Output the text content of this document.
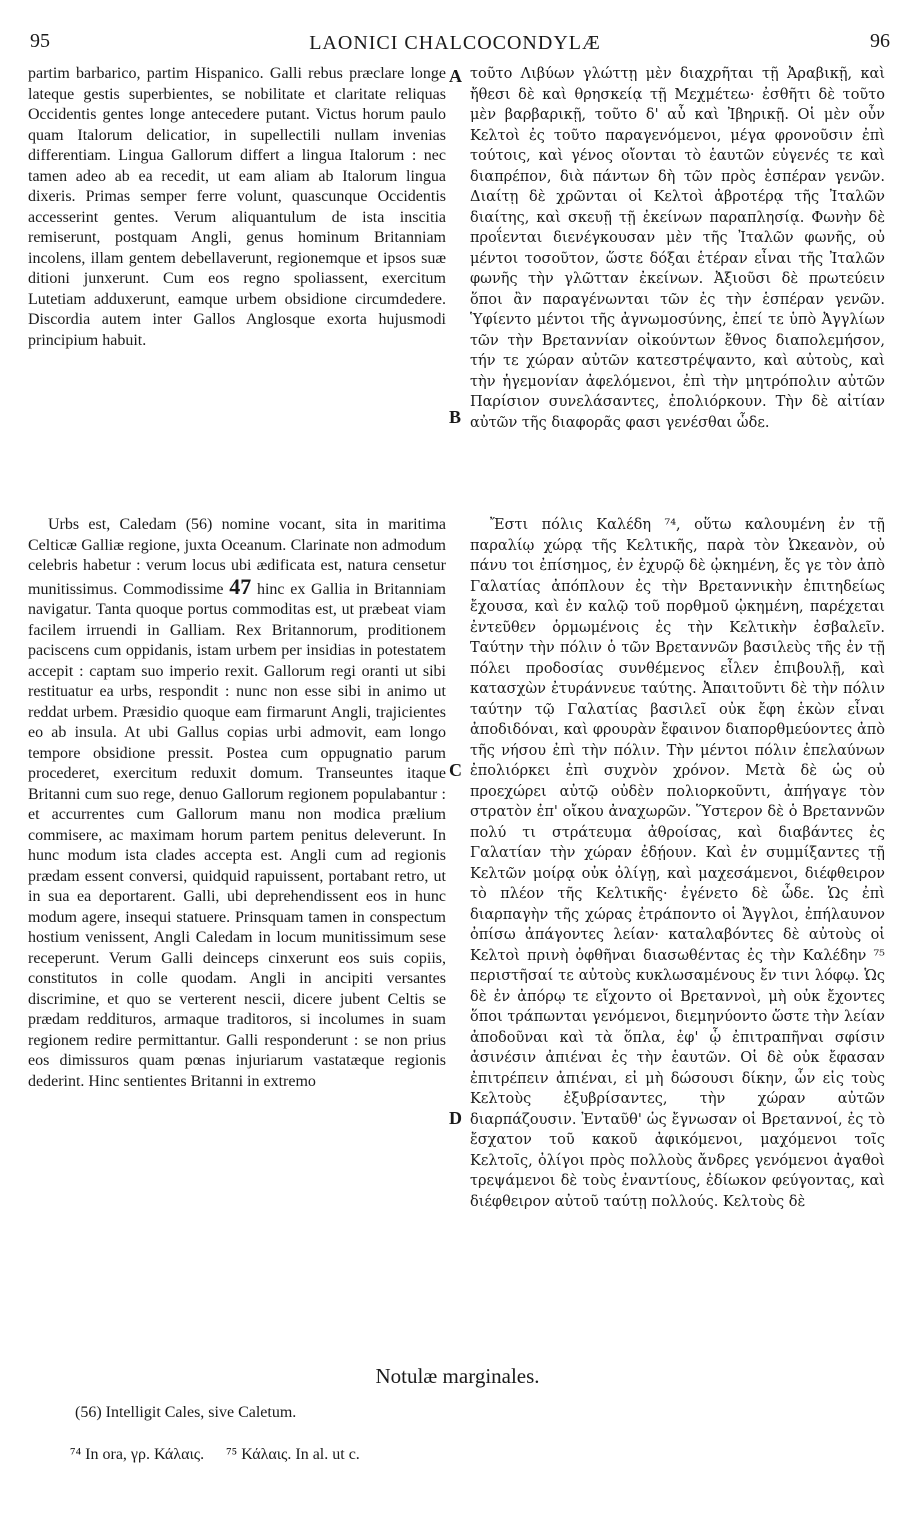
95	LAONICI CHALCOCONDYLÆ	96

partim barbarico, partim Hispanico. Galli rebus præclare longe lateque gestis superbientes, se nobilitate et claritate reliquas Occidentis gentes longe antecedere putant. Victus horum paulo quam Italorum delicatior, in supellectili nullam invenias differentiam. Lingua Gallorum differt a lingua Italorum : nec tamen adeo ab ea recedit, ut eam aliam ab Italorum lingua dixeris. Primas semper ferre volunt, quascunque Occidentis accesserint gentes. Verum aliquantulum de ista inscitia remiserunt, postquam Angli, genus hominum Britanniam incolens, illam gentem debellaverunt, regionemque et ipsos suæ ditioni junxerunt. Cum eos regno spoliassent, exercitum Lutetiam adduxerunt, eamque urbem obsidione circumdedere. Discordia autem inter Gallos Anglosque exorta hujusmodi principium habuit.

τοῦτο Λιβύων γλώττῃ μὲν διαχρῆται τῇ Ἀραβικῇ, καὶ ἤθεσι δὲ καὶ θρησκείᾳ τῇ Μεχμέτεω· ἐσθῆτι δὲ τοῦτο μὲν βαρβαρικῇ, τοῦτο δ' αὖ καὶ Ἰβηρικῇ. Οἱ μὲν οὖν Κελτοὶ ἐς τοῦτο παραγενόμενοι, μέγα φρονοῦσιν ἐπὶ τούτοις, καὶ γένος οἴονται τὸ ἑαυτῶν εὐγενές τε καὶ διαπρέπον, διὰ πάντων δὴ τῶν πρὸς ἑσπέραν γενῶν. Διαίτῃ δὲ χρῶνται οἱ Κελτοὶ ἁβροτέρᾳ τῆς Ἰταλῶν διαίτης, καὶ σκευῇ τῇ ἐκείνων παραπλησίᾳ. Φωνὴν δὲ προΐενται διενέγκουσαν μὲν τῆς Ἰταλῶν φωνῆς, οὐ μέντοι τοσοῦτον, ὥστε δόξαι ἑτέραν εἶναι τῆς Ἰταλῶν φωνῆς τὴν γλῶτταν ἐκείνων. Ἀξιοῦσι δὲ πρωτεύειν ὅποι ἂν παραγένωνται τῶν ἐς τὴν ἑσπέραν γενῶν. Ὑφίεντο μέντοι τῆς ἀγνωμοσύνης, ἐπεί τε ὑπὸ Ἀγγλίων τῶν τὴν Βρεταννίαν οἰκούντων ἔθνος διαπολεμήσον, τήν τε χώραν αὐτῶν κατεστρέψαντο, καὶ αὐτοὺς, καὶ τὴν ἡγεμονίαν ἀφελόμενοι, ἐπὶ τὴν μητρόπολιν αὐτῶν Παρίσιον συνελάσαντες, ἐπολιόρκουν. Τὴν δὲ αἰτίαν αὐτῶν τῆς διαφορᾶς φασι γενέσθαι ὧδε.

A
B
C
D

Urbs est, Caledam (56) nomine vocant, sita in maritima Celticæ Galliæ regione, juxta Oceanum. Clarinate non admodum celebris habetur : verum locus ubi ædificata est, natura censetur munitissimus. Commodissime 47 hinc ex Gallia in Britanniam navigatur. Tanta quoque portus commoditas est, ut præbeat viam facilem irruendi in Galliam. Rex Britannorum, proditionem paciscens cum oppidanis, istam urbem per insidias in potestatem accepit : captam suo imperio rexit. Gallorum regi oranti ut sibi restituatur ea urbs, respondit : nunc non esse sibi in animo ut reddat urbem. Præsidio quoque eam firmarunt Angli, trajicientes eo ab insula. At ubi Gallus copias urbi admovit, eam longo tempore obsidione pressit. Postea cum oppugnatio parum procederet, exercitum reduxit domum. Transeuntes itaque Britanni cum suo rege, denuo Gallorum regionem populabantur : et accurrentes cum Gallorum manu non modica prælium commisere, ac maximam horum partem penitus deleverunt. In hunc modum ista clades accepta est. Angli cum ad regionis prædam essent conversi, quidquid rapuissent, portabant retro, ut in sua ea deportarent. Galli, ubi deprehendissent eos in hunc modum agere, insequi statuere. Prinsquam tamen in conspectum hostium venissent, Angli Caledam in locum munitissimum sese receperunt. Verum Galli deinceps cinxerunt eos suis copiis, constitutos in colle quodam. Angli in ancipiti versantes discrimine, et quo se verterent nescii, dicere jubent Celtis se prædam reddituros, armaque traditoros, si incolumes in suam regionem redire permittantur. Galli responderunt : se non prius eos dimissuros quam pœnas injuriarum vastatæque regionis dederint. Hinc sentientes Britanni in extremo

Ἔστι πόλις Καλέδη ⁷⁴, οὕτω καλουμένη ἐν τῇ παραλίῳ χώρᾳ τῆς Κελτικῆς, παρὰ τὸν Ὠκεανὸν, οὐ πάνυ τοι ἐπίσημος, ἐν ἐχυρῷ δὲ ᾠκημένη, ἔς γε τὸν ἀπὸ Γαλατίας ἀπόπλουν ἐς τὴν Βρεταννικὴν ἐπιτηδείως ἔχουσα, καὶ ἐν καλῷ τοῦ πορθμοῦ ᾠκημένη, παρέχεται ἐντεῦθεν ὁρμωμένοις ἐς τὴν Κελτικὴν ἐσβαλεῖν. Ταύτην τὴν πόλιν ὁ τῶν Βρεταννῶν βασιλεὺς τῆς ἐν τῇ πόλει προδοσίας συνθέμενος εἶλεν ἐπιβουλῇ, καὶ κατασχὼν ἐτυράννευε ταύτης. Ἀπαιτοῦντι δὲ τὴν πόλιν ταύτην τῷ Γαλατίας βασιλεῖ οὐκ ἔφη ἑκὼν εἶναι ἀποδιδόναι, καὶ φρουρὰν ἔφαινον διαπορθμεύοντες ἀπὸ τῆς νήσου ἐπὶ τὴν πόλιν. Τὴν μέντοι πόλιν ἐπελαύνων ἐπολιόρκει ἐπὶ συχνὸν χρόνον. Μετὰ δὲ ὡς οὐ προεχώρει αὐτῷ οὐδὲν πολιορκοῦντι, ἀπήγαγε τὸν στρατὸν ἐπ' οἴκου ἀναχωρῶν. Ὕστερον δὲ ὁ Βρεταννῶν πολύ τι στράτευμα ἀθροίσας, καὶ διαβάντες ἐς Γαλατίαν τὴν χώραν ἐδῄουν. Καὶ ἐν συμμίξαντες τῇ Κελτῶν μοίρᾳ οὐκ ὀλίγῃ, καὶ μαχεσάμενοι, διέφθειρον τὸ πλέον τῆς Κελτικῆς· ἐγένετο δὲ ὧδε. Ὡς ἐπὶ διαρπαγὴν τῆς χώρας ἐτράποντο οἱ Ἄγγλοι, ἐπήλαυνον ὀπίσω ἀπάγοντες λείαν· καταλαβόντες δὲ αὐτοὺς οἱ Κελτοὶ πρινὴ ὀφθῆναι διασωθέντας ἐς τὴν Καλέδην ⁷⁵ περιστῆσαί τε αὐτοὺς κυκλωσαμένους ἔν τινι λόφῳ. Ὡς δὲ ἐν ἀπόρῳ τε εἴχοντο οἱ Βρεταννοὶ, μὴ οὐκ ἔχοντες ὅποι τράπωνται γενόμενοι, διεμηνύοντο ὥστε τὴν λείαν ἀποδοῦναι καὶ τὰ ὅπλα, ἐφ' ᾧ ἐπιτραπῆναι σφίσιν ἀσινέσιν ἀπιέναι ἐς τὴν ἑαυτῶν. Οἱ δὲ οὐκ ἔφασαν ἐπιτρέπειν ἀπιέναι, εἰ μὴ δώσουσι δίκην, ὧν εἰς τοὺς Κελτοὺς ἐξυβρίσαντες, τὴν χώραν αὐτῶν διαρπάζουσιν. Ἐνταῦθ' ὡς ἔγνωσαν οἱ Βρεταννοί, ἐς τὸ ἔσχατον τοῦ κακοῦ ἀφικόμενοι, μαχόμενοι τοῖς Κελτοῖς, ὀλίγοι πρὸς πολλοὺς ἄνδρες γενόμενοι ἀγαθοὶ τρεψάμενοι δὲ τοὺς ἐναντίους, ἐδίωκον φεύγοντας, καὶ διέφθειρον αὐτοῦ ταύτῃ πολλούς. Κελτοὺς δὲ

Notulæ marginales.
(56) Intelligit Cales, sive Caletum.
⁷⁴ In ora, γρ. Κάλαις. ⁷⁵ Κάλαις. In al. ut c.
